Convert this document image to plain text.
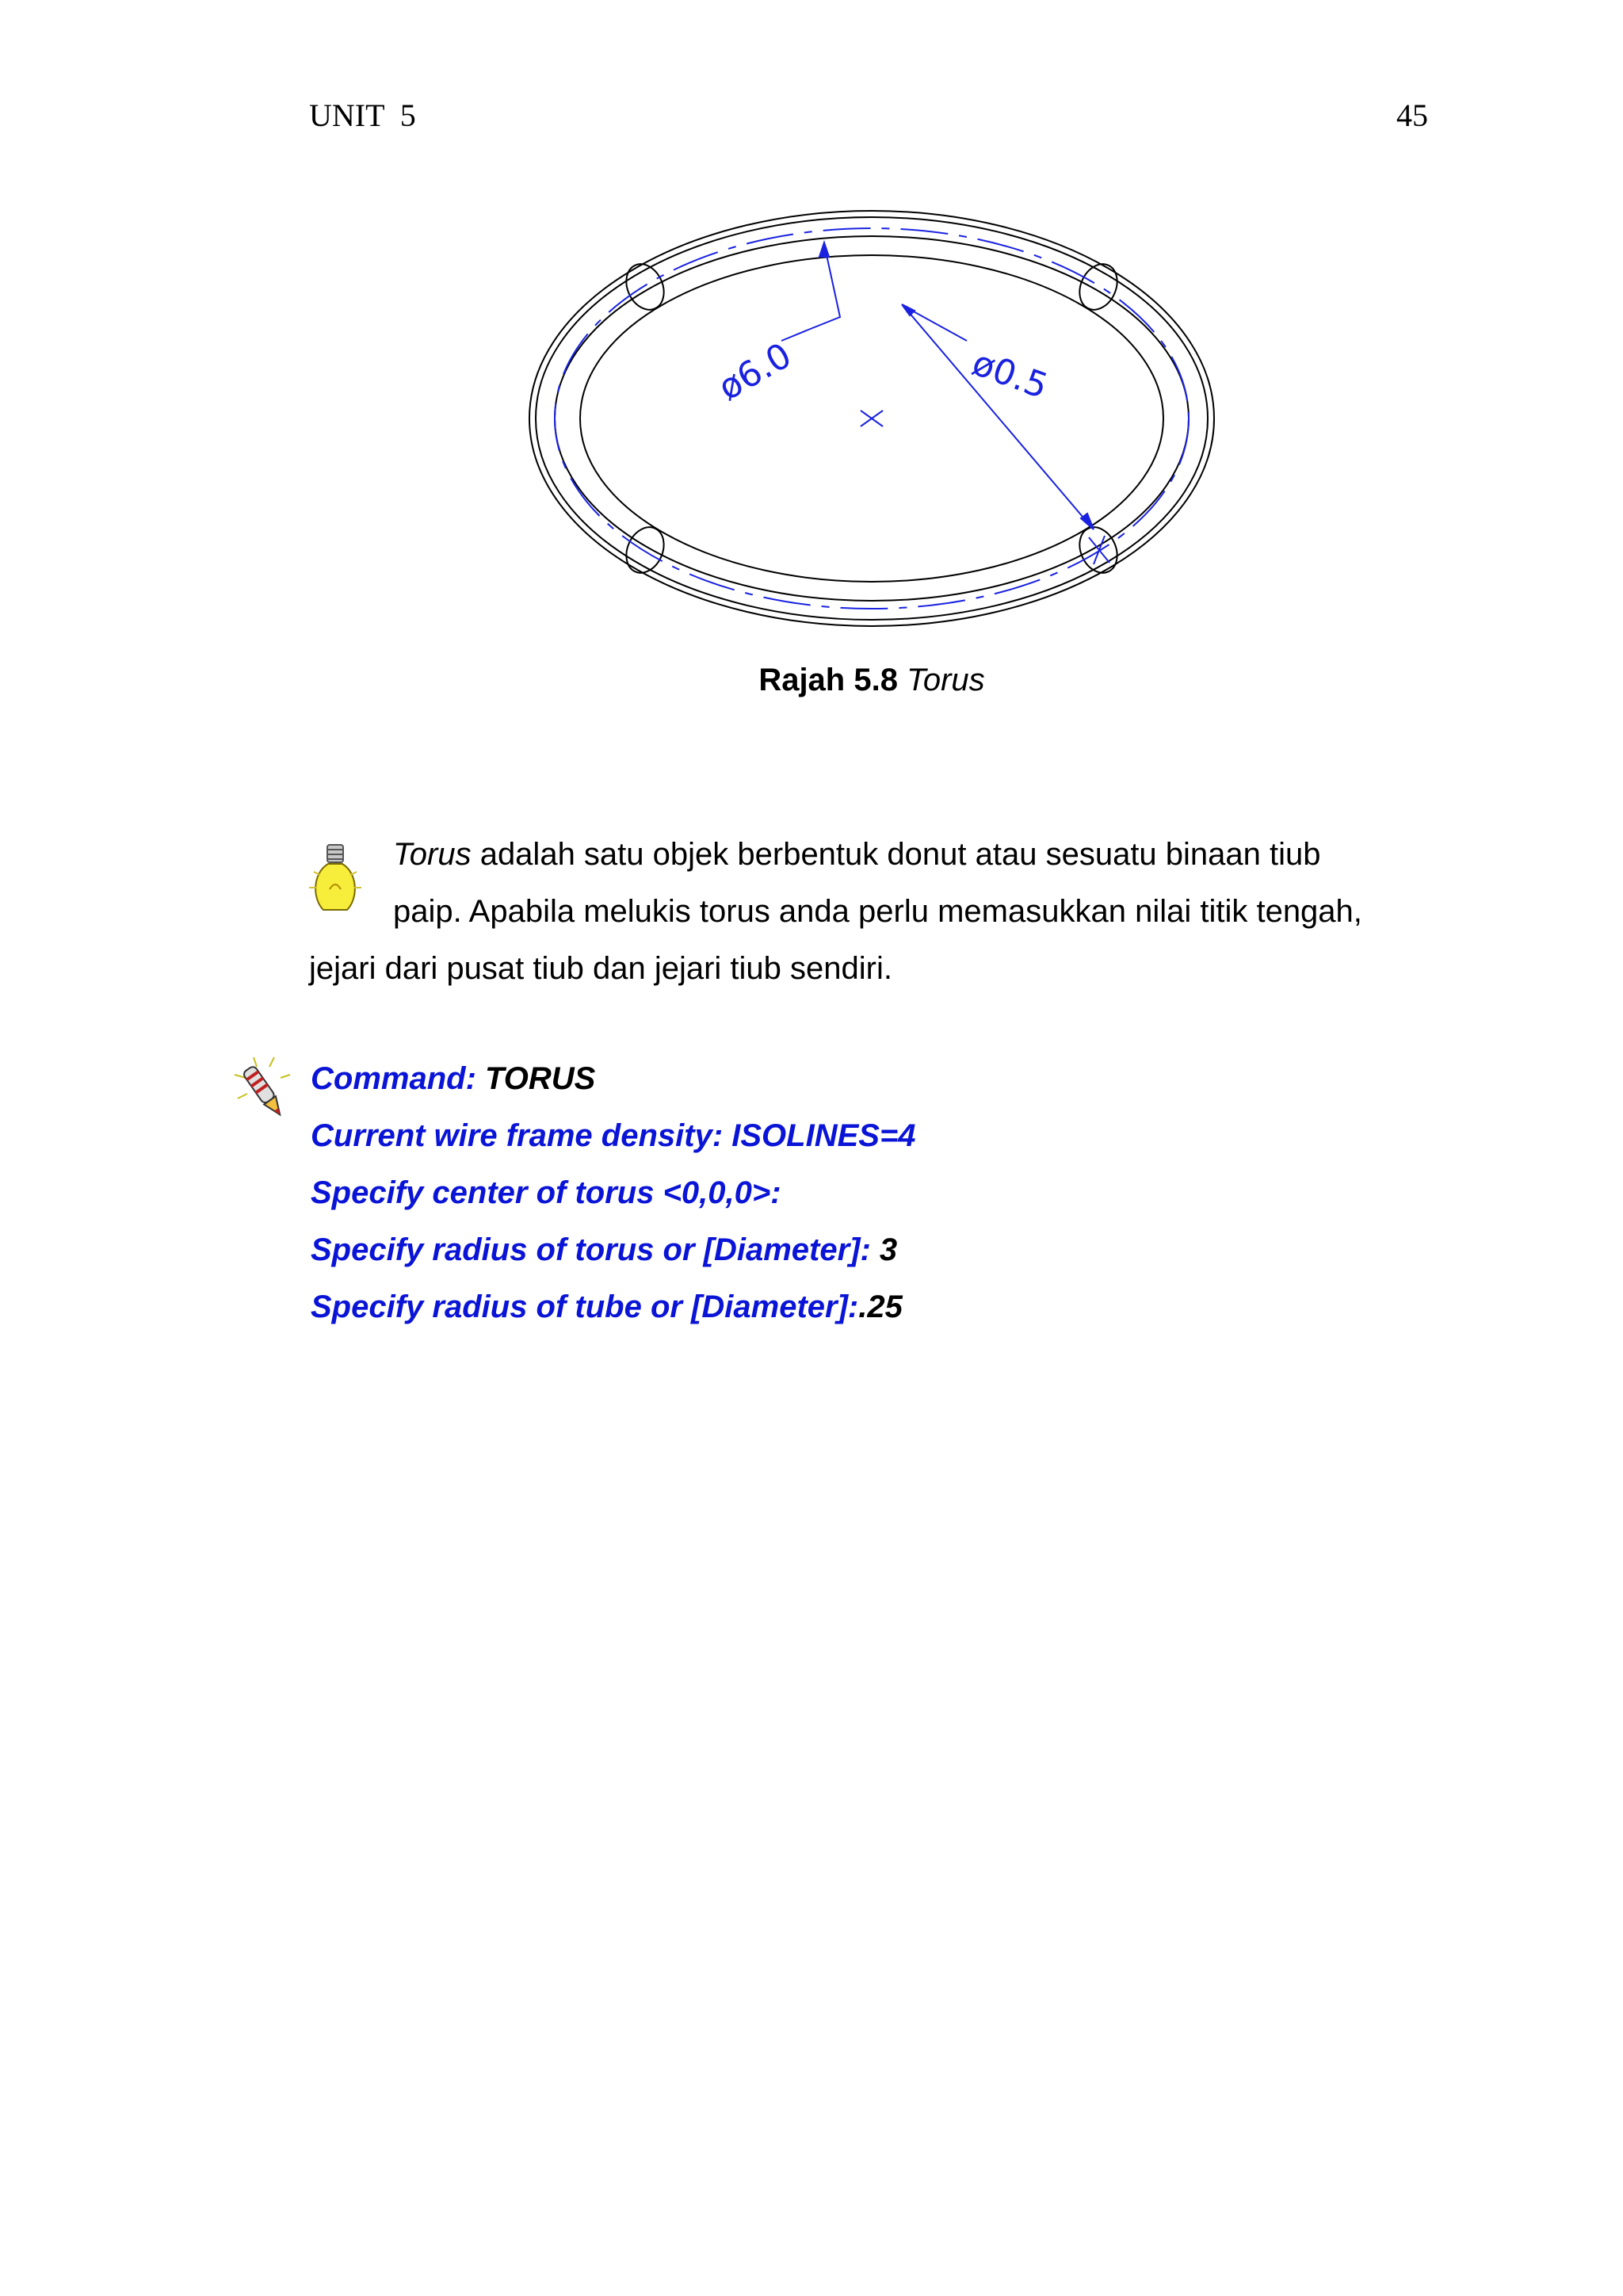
UNIT  5	45
ø6.0	ø0.5
Rajah 5.8 Torus
Torus adalah satu objek berbentuk donut atau sesuatu binaan tiub
paip. Apabila melukis torus anda perlu memasukkan nilai titik tengah,
jejari dari pusat tiub dan jejari tiub sendiri.
Command: TORUS
Current wire frame density: ISOLINES=4
Specify center of torus <0,0,0>:
Specify radius of torus or [Diameter]: 3
Specify radius of tube or [Diameter]:.25
